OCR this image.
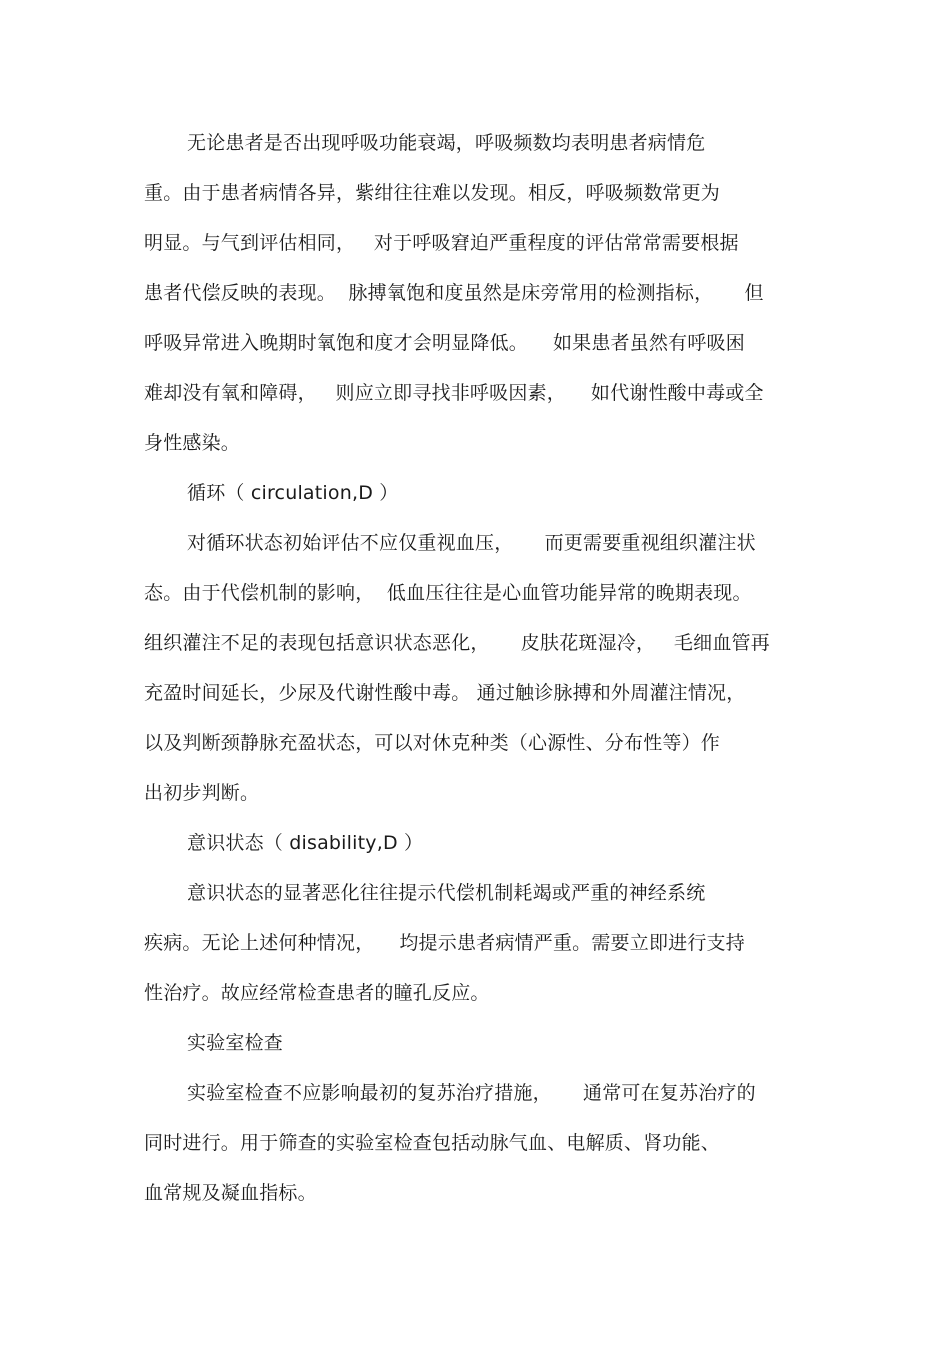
无论患者是否出现呼吸功能衰竭，呼吸频数均表明患者病情危
重。由于患者病情各异，紫绀往往难以发现。相反，呼吸频数常更为
明显。与气到评估相同，   对于呼吸窘迫严重程度的评估常常需要根据
患者代偿反映的表现。  脉搏氧饱和度虽然是床旁常用的检测指标，     但
呼吸异常进入晚期时氧饱和度才会明显降低。    如果患者虽然有呼吸困
难却没有氧和障碍，   则应立即寻找非呼吸因素，    如代谢性酸中毒或全
身性感染。
循环（ circulation,D ）
对循环状态初始评估不应仅重视血压，     而更需要重视组织灌注状
态。由于代偿机制的影响，  低血压往往是心血管功能异常的晚期表现。
组织灌注不足的表现包括意识状态恶化，     皮肤花斑湿冷，   毛细血管再
充盈时间延长，少尿及代谢性酸中毒。 通过触诊脉搏和外周灌注情况，
以及判断颈静脉充盈状态，可以对休克种类（心源性、分布性等）作
出初步判断。
意识状态（ disability,D ）
意识状态的显著恶化往往提示代偿机制耗竭或严重的神经系统
疾病。无论上述何种情况，    均提示患者病情严重。需要立即进行支持
性治疗。故应经常检查患者的瞳孔反应。
实验室检查
实验室检查不应影响最初的复苏治疗措施，     通常可在复苏治疗的
同时进行。用于筛查的实验室检查包括动脉气血、电解质、肾功能、
血常规及凝血指标。
